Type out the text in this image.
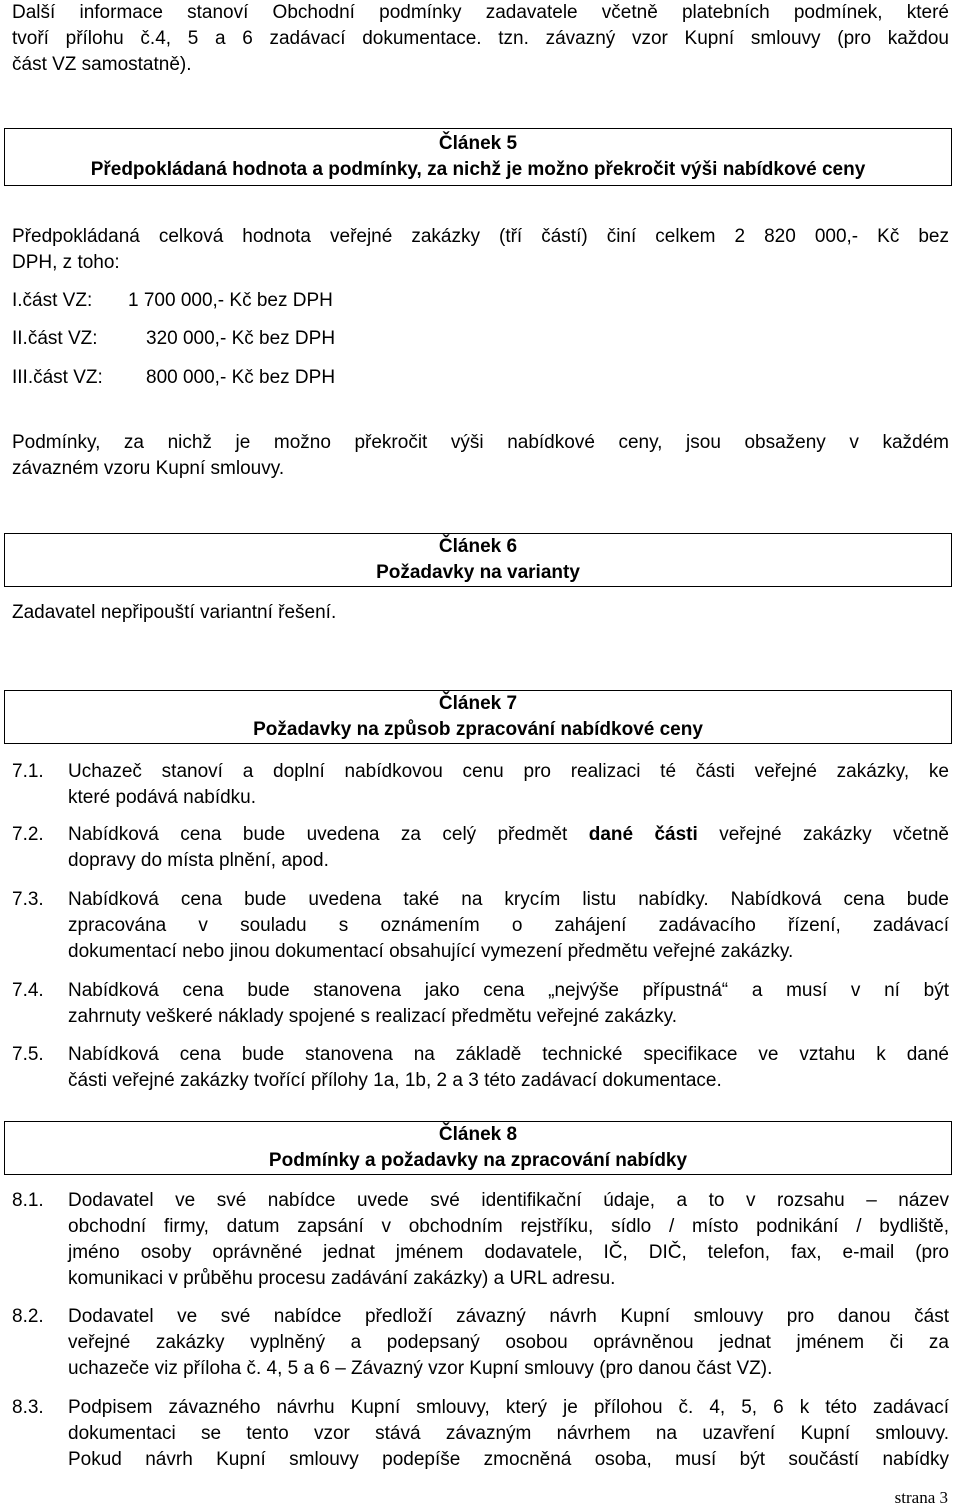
Další informace stanoví Obchodní podmínky zadavatele včetně platebních podmínek, které
tvoří přílohu č.4, 5 a 6 zadávací dokumentace. tzn. závazný vzor Kupní smlouvy (pro každou
část VZ samostatně).
Článek 5
Předpokládaná hodnota a podmínky, za nichž je možno překročit výši nabídkové ceny
Předpokládaná celková hodnota veřejné zakázky (tří částí) činí celkem 2 820 000,- Kč bez
DPH, z toho:
I.část VZ: 1 700 000,- Kč bez DPH
II.část VZ:	320 000,- Kč bez DPH
III.část VZ: 800 000,- Kč bez DPH
Podmínky, za nichž je možno překročit výši nabídkové ceny, jsou obsaženy v každém
závazném vzoru Kupní smlouvy.
Článek 6
Požadavky na varianty
Zadavatel nepřipouští variantní řešení.
Článek 7
Požadavky na způsob zpracování nabídkové ceny
7.1. Uchazeč stanoví a doplní nabídkovou cenu pro realizaci té části veřejné zakázky, ke
které podává nabídku.
7.2. Nabídková cena bude uvedena za celý předmět dané části veřejné zakázky včetně
dopravy do místa plnění, apod.
7.3. Nabídková cena bude uvedena také na krycím listu nabídky. Nabídková cena bude
zpracována v souladu s oznámením o zahájení zadávacího řízení, zadávací
dokumentací nebo jinou dokumentací obsahující vymezení předmětu veřejné zakázky.
7.4. Nabídková cena bude stanovena jako cena „nejvýše přípustná“ a musí v ní být
zahrnuty veškeré náklady spojené s realizací předmětu veřejné zakázky.
7.5. Nabídková cena bude stanovena na základě technické specifikace ve vztahu k dané
části veřejné zakázky tvořící přílohy 1a, 1b, 2 a 3 této zadávací dokumentace.
Článek 8
Podmínky a požadavky na zpracování nabídky
8.1. Dodavatel ve své nabídce uvede své identifikační údaje, a to v rozsahu – název
obchodní firmy, datum zapsání v obchodním rejstříku, sídlo / místo podnikání / bydliště,
jméno osoby oprávněné jednat jménem dodavatele, IČ, DIČ, telefon, fax, e-mail (pro
komunikaci v průběhu procesu zadávání zakázky) a URL adresu.
8.2. Dodavatel ve své nabídce předloží závazný návrh Kupní smlouvy pro danou část
veřejné zakázky vyplněný a podepsaný osobou oprávněnou jednat jménem či za
uchazeče viz příloha č. 4, 5 a 6 – Závazný vzor Kupní smlouvy (pro danou část VZ).
8.3. Podpisem závazného návrhu Kupní smlouvy, který je přílohou č. 4, 5, 6 k této zadávací
dokumentaci se tento vzor stává závazným návrhem na uzavření Kupní smlouvy.
Pokud návrh Kupní smlouvy podepíše zmocněná osoba, musí být součástí nabídky
strana 3
